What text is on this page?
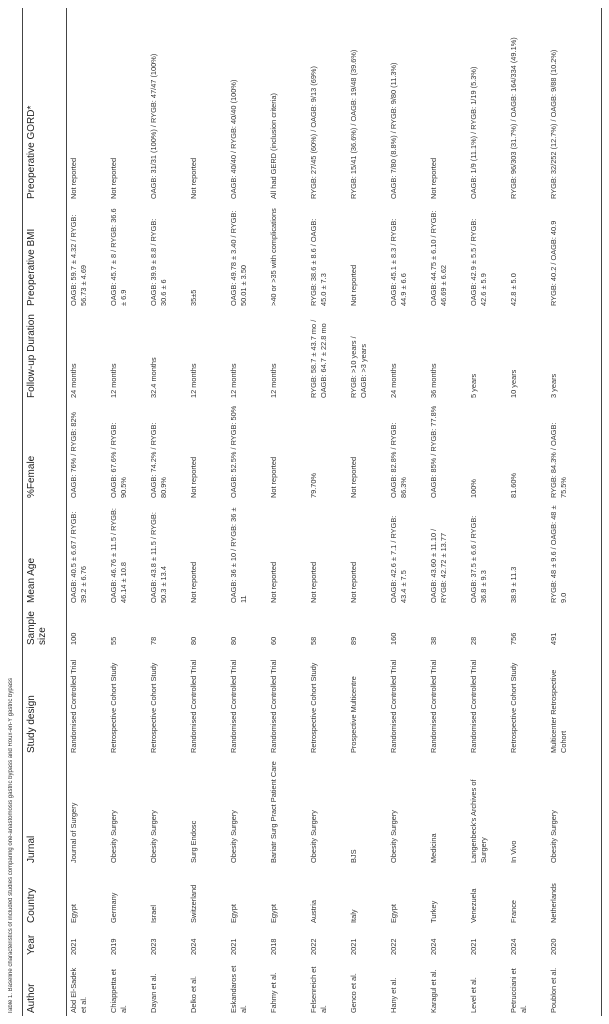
Table 1. Baseline characteristics of included studies comparing one-anastomosis gastric bypass and Roux-en-Y gastric bypass Author	Year	Country	Jurnal	Study design	Sample size	Mean Age	%Female	Follow-up Duration	Preoperative BMI	Preoperative GORD*
Abd El-Sadek et al.	2021	Egypt	Journal of Surgery	Randomised Controlled Trial	100	OAGB: 40.5 ± 6.67 / RYGB: 39.2 ± 6.76	OAGB: 76% / RYGB: 82%	24 months	OAGB: 59.7 ± 4.32 / RYGB: 56.73 ± 4.69	Not reported
Chiappetta et al.	2019	Germany	Obesity Surgery	Retrospective Cohort Study	55	OAGB: 46.76 ± 11.5 / RYGB: 46.14 ± 10.8	OAGB: 67.6% / RYGB: 90.5%	12 months	OAGB: 45.7 ± 8 / RYGB: 36.6 ± 6.9	Not reported
Dayan et al.	2023	Israel	Obesity Surgery	Retrospective Cohort Study	78	OAGB: 43.8 ± 11.5 / RYGB: 50.3 ± 13.4	OAGB: 74.2% / RYGB: 80.9%	32.4 months	OAGB: 39.9 ± 8.8 / RYGB: 30.6 ± 6	OAGB: 31/31 (100%) / RYGB: 47/47 (100%)
Delko et al.	2024	Switzerland	Surg Endosc	Randomised Controlled Trial	80	Not reported	Not reported	12 months	35±5	Not reported
Eskandaros et al.	2021	Egypt	Obesity Surgery	Randomised Controlled Trial	80	OAGB: 36 ± 10 / RYGB: 36 ± 11	OAGB: 52.5% / RYGB: 50%	12 months	OAGB: 49.78 ± 3.40 / RYGB: 50.01 ± 3.50	OAGB: 40/40 / RYGB: 40/40 (100%)
Fahmy et al.	2018	Egypt	Bariatr Surg Pract Patient Care	Randomised Controlled Trial	60	Not reported	Not reported	12 months	>40 or >35 with complications	All had GERD (inclusion criteria)
Felsenreich et al.	2022	Austria	Obesity Surgery	Retrospective Cohort Study	58	Not reported	79.70%	RYGB: 58.7 ± 43.7 mo / OAGB: 64.7 ± 22.8 mo	RYGB: 38.6 ± 8.6 / OAGB: 45.0 ± 7.3	RYGB: 27/45 (60%) / OAGB: 9/13 (69%)
Genco et al.	2021	Italy	BJS	Prospective Multicentre	89	Not reported	Not reported	RYGB: >10 years / OAGB: >3 years	Not reported	RYGB: 15/41 (36.6%) / OAGB: 19/48 (39.6%)
Hany et al.	2022	Egypt	Obesity Surgery	Randomised Controlled Trial	160	OAGB: 42.6 ± 7.1 / RYGB: 43.4 ± 7.5	OAGB: 82.8% / RYGB: 86.3%	24 months	OAGB: 45.1 ± 8.3 / RYGB: 44.9 ± 6.6	OAGB: 7/80 (8.8%) / RYGB: 9/80 (11.3%)
Karagul et al.	2024	Turkey	Medicina	Randomised Controlled Trial	38	OAGB: 43.60 ± 11.10 / RYGB: 42.72 ± 13.77	OAGB: 85% / RYGB: 77.8%	36 months	OAGB: 44.75 ± 6.10 / RYGB: 46.69 ± 6.62	Not reported
Level et al.	2021	Venezuela	Langenbeck's Archives of Surgery	Randomised Controlled Trial	28	OAGB: 37.5 ± 6.6 / RYGB: 36.8 ± 9.3	100%	5 years	OAGB: 42.9 ± 5.5 / RYGB: 42.6 ± 5.9	OAGB: 1/9 (11.1%) / RYGB: 1/19 (5.3%)
Petrucciani et al.	2024	France	In Vivo	Retrospective Cohort Study	756	38.9 ± 11.3	81.60%	10 years	42.8 ± 5.0	RYGB: 96/303 (31.7%) / OAGB: 164/334 (49.1%)
Poublon et al.	2020	Netherlands	Obesity Surgery	Multicenter Retrospective Cohort	491	RYGB: 48 ± 9.6 / OAGB: 48 ± 9.0	RYGB: 84.3% / OAGB: 75.5%	3 years	RYGB: 40.2 / OAGB: 40.9	RYGB: 32/252 (12.7%) / OAGB: 9/88 (10.2%)
